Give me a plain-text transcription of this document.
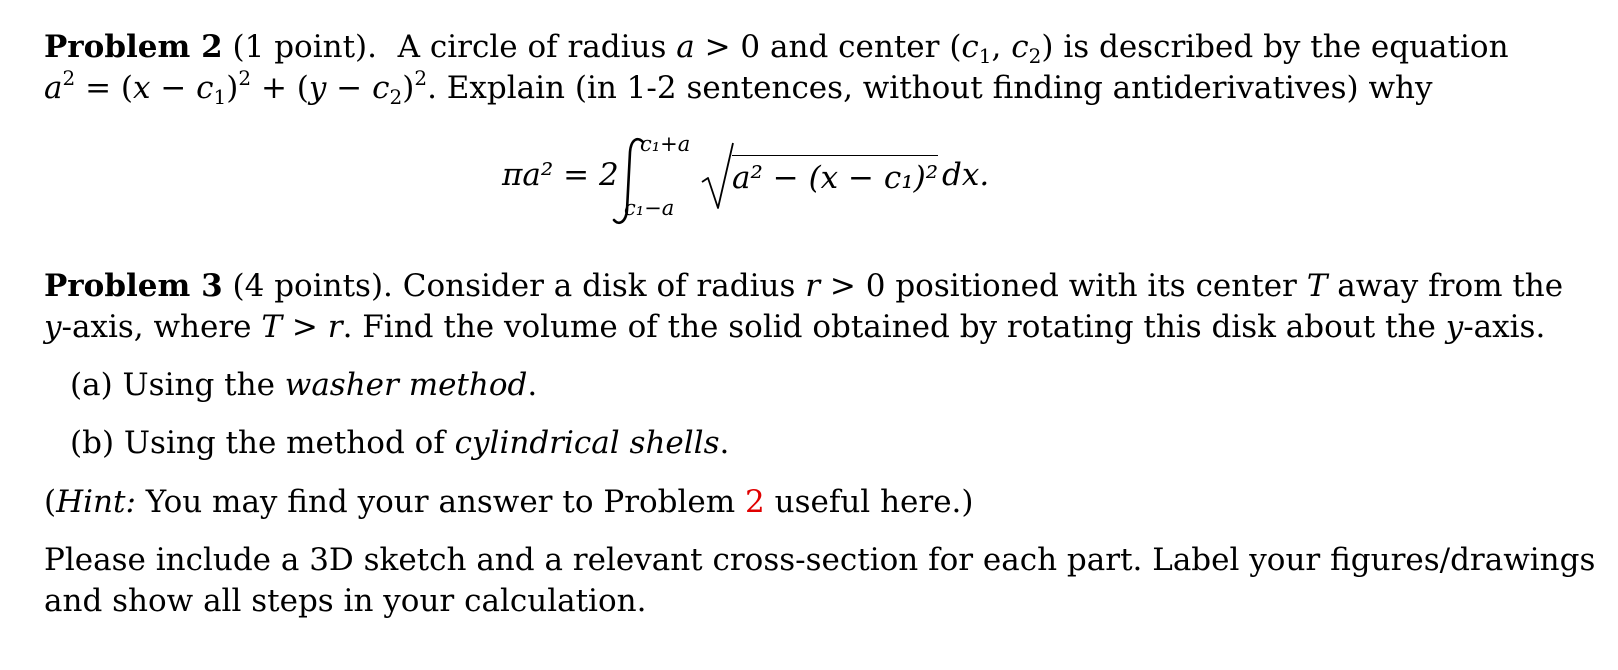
Problem 2 (1 point). A circle of radius a > 0 and center ($c_1$, $c_2$) is described by the equation
$a^2 = (x - c_1)^2 + (y - c_2)^2$. Explain (in 1-2 sentences, without finding antiderivatives) why
πa² = 2
c₁+a
c₁−a
a² − (x − c₁)² dx.
Problem 3 (4 points). Consider a disk of radius r > 0 positioned with its center T away from the
y-axis, where T > r. Find the volume of the solid obtained by rotating this disk about the y-axis.
(a) Using the washer method.
(b) Using the method of cylindrical shells.
(Hint: You may find your answer to Problem 2 useful here.)
Please include a 3D sketch and a relevant cross-section for each part. Label your figures/drawings
and show all steps in your calculation.
